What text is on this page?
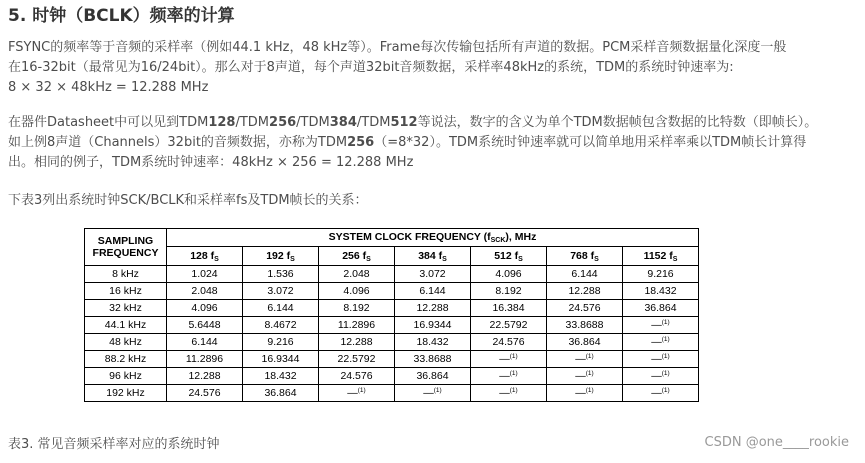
5. 时钟（BCLK）频率的计算
FSYNC的频率等于音频的采样率（例如44.1 kHz，48 kHz等）。Frame每次传输包括所有声道的数据。PCM采样音频数据量化深度一般
在16-32bit（最常见为16/24bit）。那么对于8声道，每个声道32bit音频数据，采样率48kHz的系统，TDM的系统时钟速率为:
8 × 32 × 48kHz = 12.288 MHz
在器件Datasheet中可以见到TDM128/TDM256/TDM384/TDM512等说法，数字的含义为单个TDM数据帧包含数据的比特数（即帧长）。
如上例8声道（Channels）32bit的音频数据，亦称为TDM256（=8*32）。TDM系统时钟速率就可以简单地用采样率乘以TDM帧长计算得
出。相同的例子，TDM系统时钟速率：48kHz × 256 = 12.288 MHz
下表3列出系统时钟SCK/BCLK和采样率fs及TDM帧长的关系：
SAMPLING
FREQUENCY	SYSTEM CLOCK FREQUENCY $(f_{SCK})$, MHz						
	128 $f_S$	192 $f_S$	256 $f_S$	384 $f_S$	512 $f_S$	768 $f_S$	1152 $f_S$
8 kHz	1.024	1.536	2.048	3.072	4.096	6.144	9.216
16 kHz	2.048	3.072	4.096	6.144	8.192	12.288	18.432
32 kHz	4.096	6.144	8.192	12.288	16.384	24.576	36.864
44.1 kHz	5.6448	8.4672	11.2896	16.9344	22.5792	33.8688	—$^{(1)}$
48 kHz	6.144	9.216	12.288	18.432	24.576	36.864	—$^{(1)}$
88.2 kHz	11.2896	16.9344	22.5792	33.8688	—$^{(1)}$	—$^{(1)}$	—$^{(1)}$
96 kHz	12.288	18.432	24.576	36.864	—$^{(1)}$	—$^{(1)}$	—$^{(1)}$
192 kHz	24.576	36.864	—$^{(1)}$	—$^{(1)}$	—$^{(1)}$	—$^{(1)}$	—$^{(1)}$

表3. 常见音频采样率对应的系统时钟	CSDN @one____rookie
